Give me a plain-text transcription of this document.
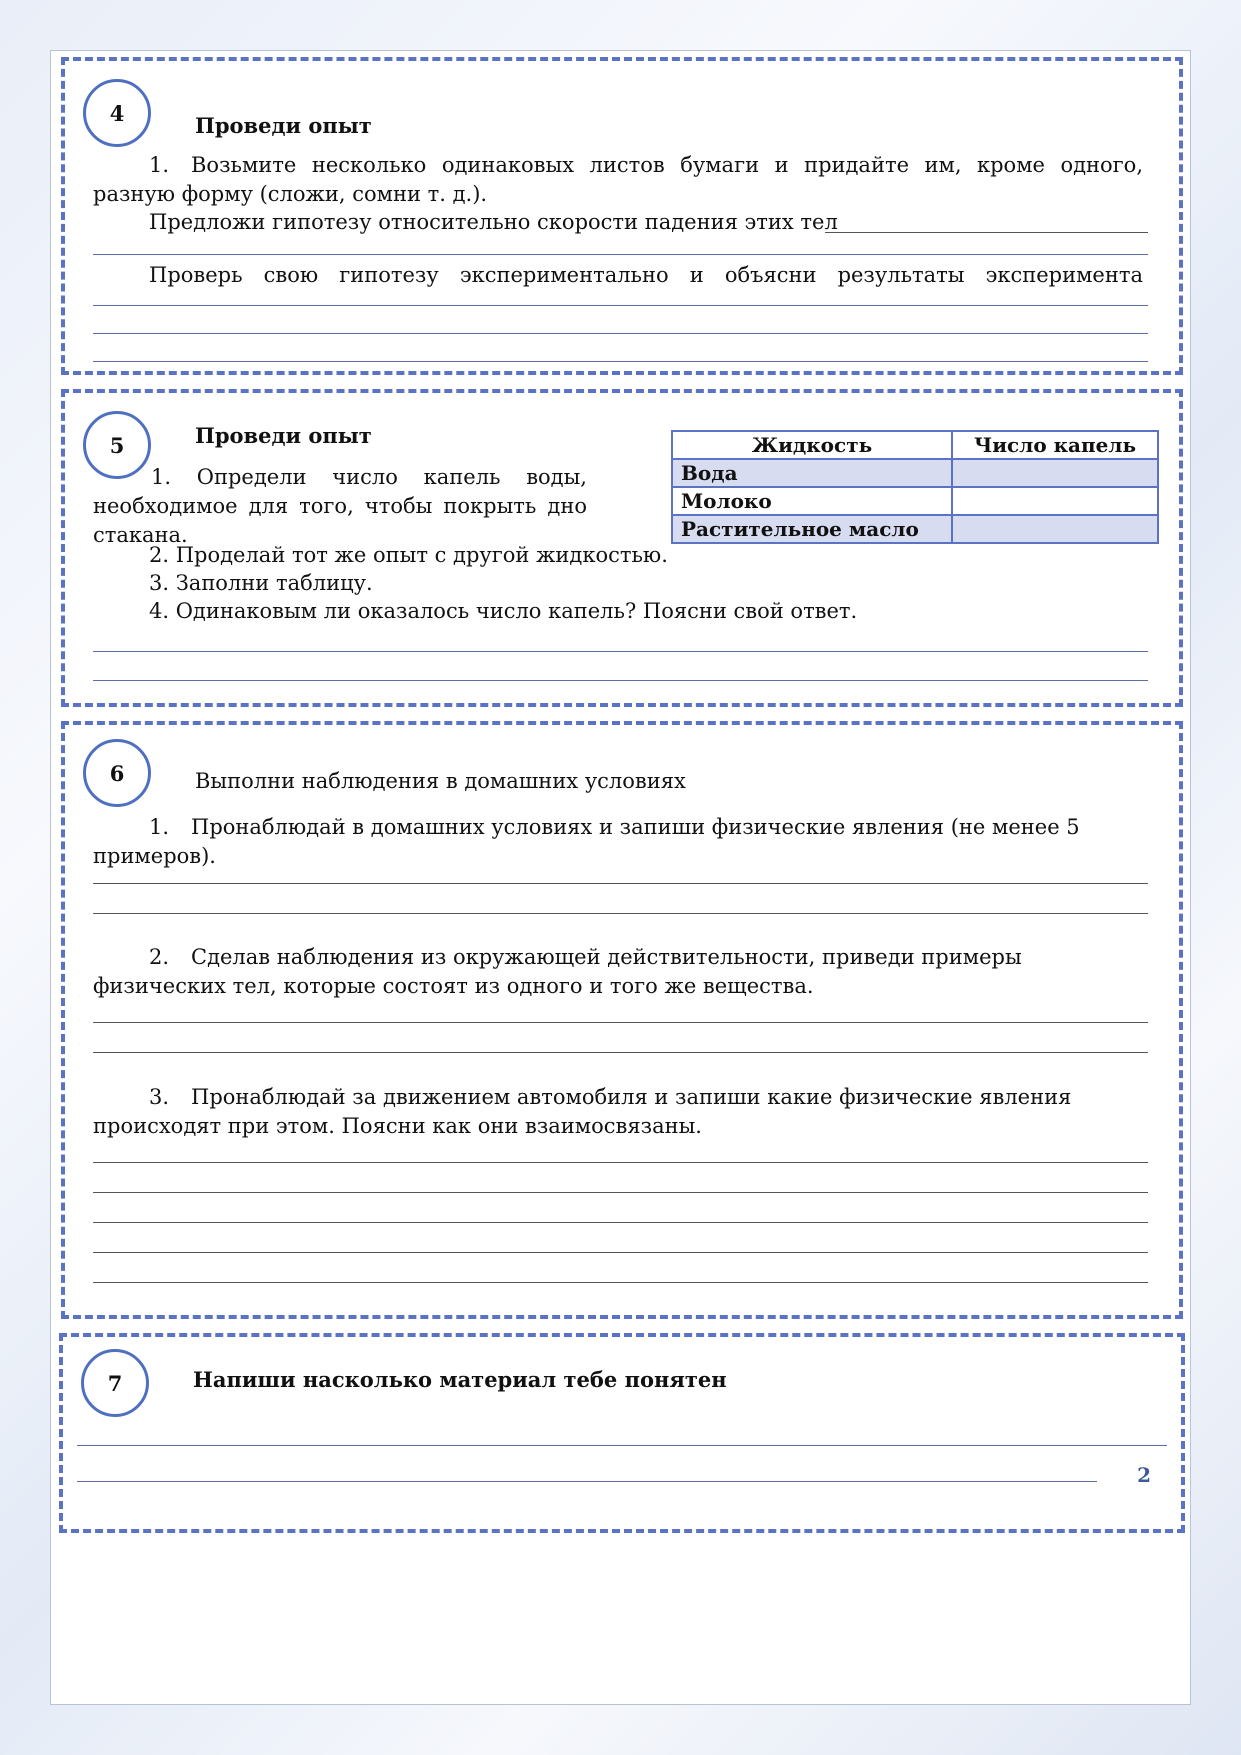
4	Проведи опыт
1. Возьмите несколько одинаковых листов бумаги и придайте им, кроме одного, разную форму (сложи, сомни т. д.).
Предложи гипотезу относительно скорости падения этих тел
Проверь свою гипотезу экспериментально и объясни результаты эксперимента
5	Проведи опыт
1. Определи число капель воды, необходимое для того, чтобы покрыть дно стакана.
2. Проделай тот же опыт с другой жидкостью.
3. Заполни таблицу.
4. Одинаковым ли оказалось число капель? Поясни свой ответ.
Жидкость	Число капель
Вода	
Молоко	
Растительное масло	
6	Выполни наблюдения в домашних условиях
1. Пронаблюдай в домашних условиях и запиши физические явления (не менее 5 примеров).
2. Сделав наблюдения из окружающей действительности, приведи примеры физических тел, которые состоят из одного и того же вещества.
3. Пронаблюдай за движением автомобиля и запиши какие физические явления происходят при этом. Поясни как они взаимосвязаны.
7	Напиши насколько материал тебе понятен
2
